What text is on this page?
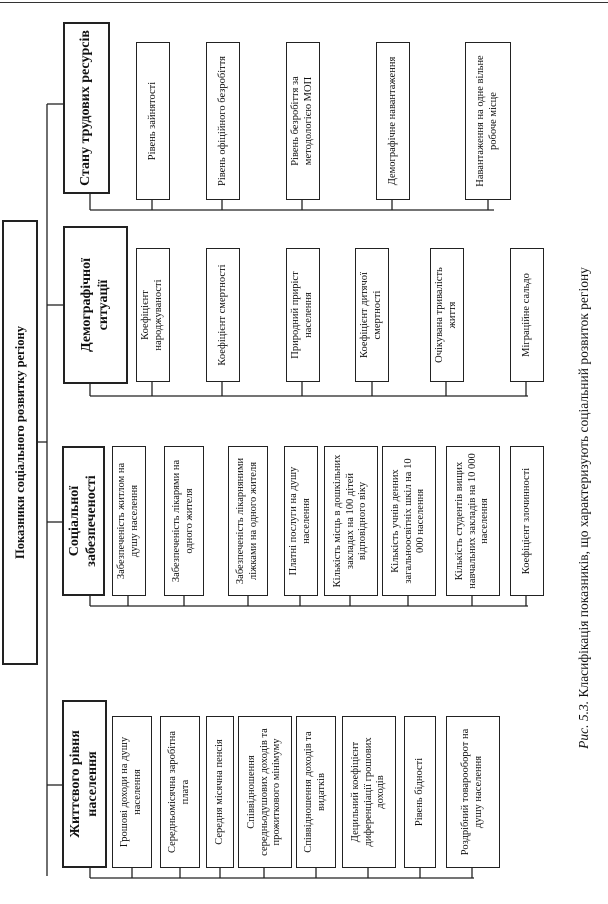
Показники соціального розвитку регіону
Стану трудових ресурсів	Рівень зайнятості	Рівень офіційного безробіття	Рівень безробіття за методологією МОП	Демографічне навантаження	Навантаження на одне вільне робоче місце
Демографічної ситуації	Коефіцієнт народжуваності	Коефіцієнт смертності	Природний приріст населення	Коефіцієнт дитячої смертності	Очікувана тривалість життя	Міграційне сальдо
Соціальної забезпеченості	Забезпеченість житлом на душу населення	Забезпеченість лікарями на одного жителя	Забезпеченість лікарняними ліжками на одного жителя	Платні послуги на душу населення	Кількість місць в дошкільних закладах на 100 дітей відповідного віку	Кількість учнів денних загальноосвітніх шкіл на 10 000 населення	Кількість студентів вищих навчальних закладів на 10 000 населення	Коефіцієнт злочинності
Життєвого рівня населення	Грошові доходи на душу населення	Середньомісячна заробітна плата	Середня місячна пенсія	Співвідношення середньодушових доходів та прожиткового мінімуму	Співвідношення доходів та видатків	Децильний коефіцієнт диференціації грошових доходів	Рівень бідності	Роздрібний товарооборот на душу населення
Рис. 5.3.

Класифікація показників, що характеризують соціальний розвиток регіону
